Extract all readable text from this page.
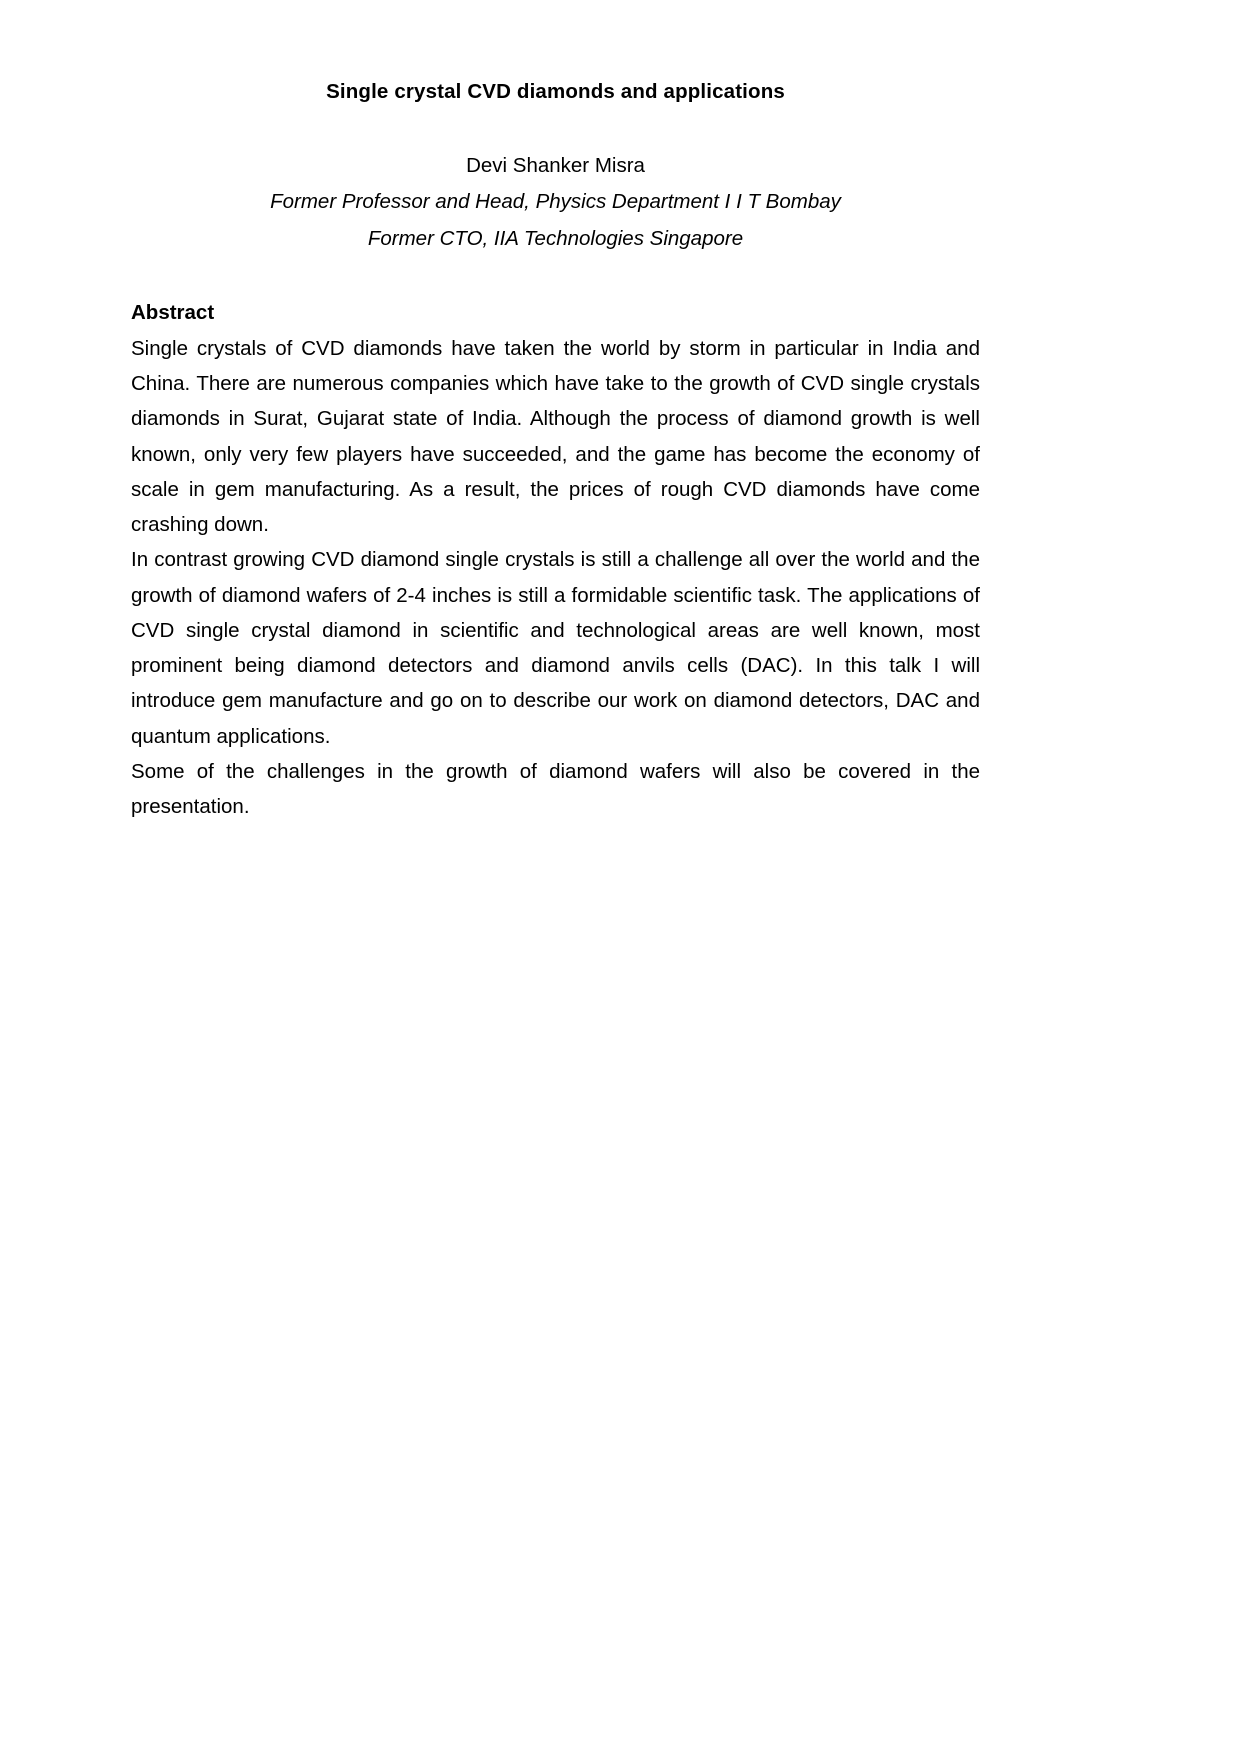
Single crystal CVD diamonds and applications

Devi Shanker Misra

Former Professor and Head, Physics Department I I T Bombay

Former CTO, IIA Technologies Singapore

Abstract

Single crystals of CVD diamonds have taken the world by storm in particular in India and China. There are numerous companies which have take to the growth of CVD single crystals diamonds in Surat, Gujarat state of India. Although the process of diamond growth is well known, only very few players have succeeded, and the game has become the economy of scale in gem manufacturing. As a result, the prices of rough CVD diamonds have come crashing down.

In contrast growing CVD diamond single crystals is still a challenge all over the world and the growth of diamond wafers of 2-4 inches is still a formidable scientific task. The applications of CVD single crystal diamond in scientific and technological areas are well known, most prominent being diamond detectors and diamond anvils cells (DAC). In this talk I will introduce gem manufacture and go on to describe our work on diamond detectors, DAC and quantum applications.

Some of the challenges in the growth of diamond wafers will also be covered in the presentation.
